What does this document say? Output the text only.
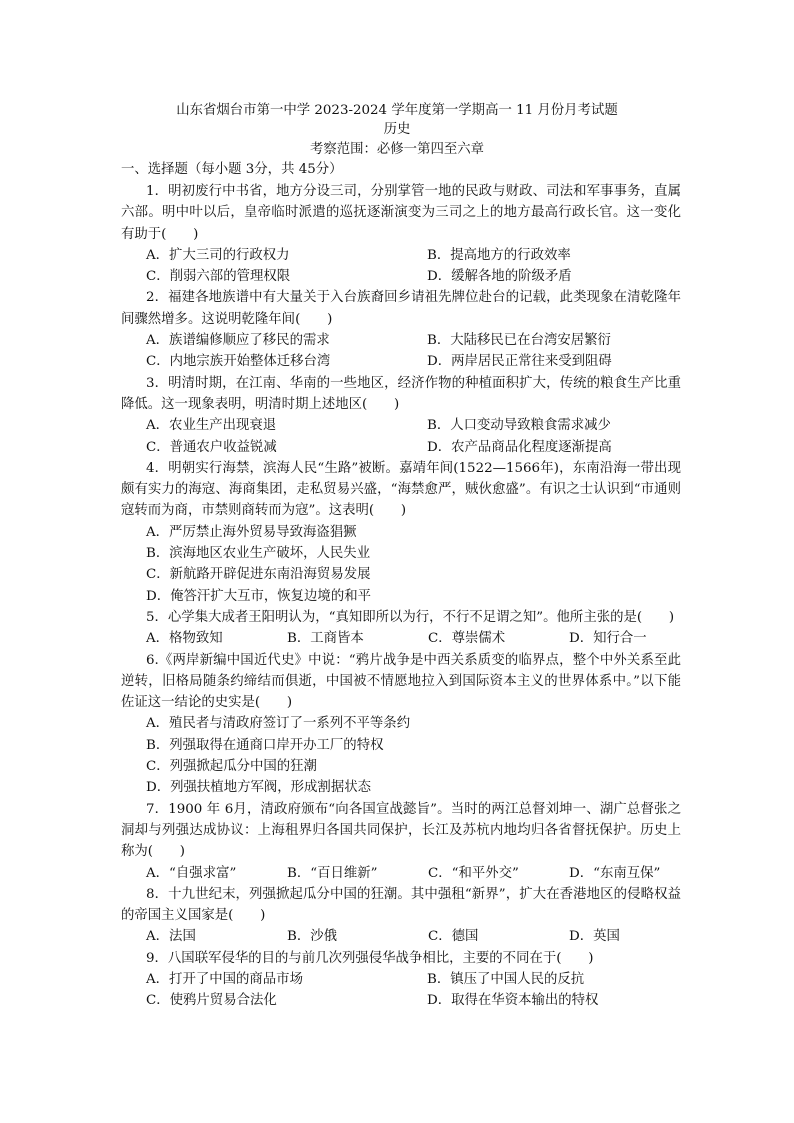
山东省烟台市第一中学 2023-2024 学年度第一学期高一 11 月份月考试题
历史
考察范围：必修一第四至六章
一、选择题（每小题 3分，共 45分）

1．明初废行中书省，地方分设三司，分别掌管一地的民政与财政、司法和军事事务，直属六部。明中叶以后，皇帝临时派遣的巡抚逐渐演变为三司之上的地方最高行政长官。这一变化有助于(　　)

A．扩大三司的行政权力	B．提高地方的行政效率
C．削弱六部的管理权限	D．缓解各地的阶级矛盾

2．福建各地族谱中有大量关于入台族裔回乡请祖先牌位赴台的记载，此类现象在清乾隆年间骤然增多。这说明乾隆年间(　　)

A．族谱编修顺应了移民的需求	B．大陆移民已在台湾安居繁衍
C．内地宗族开始整体迁移台湾	D．两岸居民正常往来受到阻碍

3．明清时期，在江南、华南的一些地区，经济作物的种植面积扩大，传统的粮食生产比重降低。这一现象表明，明清时期上述地区(　　)

A．农业生产出现衰退	B．人口变动导致粮食需求减少
C．普通农户收益锐减	D．农产品商品化程度逐渐提高

4．明朝实行海禁，滨海人民“生路”被断。嘉靖年间(1522—1566年)，东南沿海一带出现颇有实力的海寇、海商集团，走私贸易兴盛，“海禁愈严，贼伙愈盛”。有识之士认识到“市通则寇转而为商，市禁则商转而为寇”。这表明(　　)

A．严厉禁止海外贸易导致海盗猖獗
B．滨海地区农业生产破坏，人民失业
C．新航路开辟促进东南沿海贸易发展
D．俺答汗扩大互市，恢复边境的和平

5．心学集大成者王阳明认为，“真知即所以为行，不行不足谓之知”。他所主张的是(　　)

A．格物致知	B．工商皆本	C．尊崇儒术	D．知行合一

6.《两岸新编中国近代史》中说：“鸦片战争是中西关系质变的临界点，整个中外关系至此逆转，旧格局随条约缔结而倶逝，中国被不情愿地拉入到国际资本主义的世界体系中。”以下能佐证这一结论的史实是(　　)

A．殖民者与清政府签订了一系列不平等条约
B．列强取得在通商口岸开办工厂的特权
C．列强掀起瓜分中国的狂潮
D．列强扶植地方军阀，形成割据状态

7．1900 年 6月，清政府颁布“向各国宣战懿旨”。当时的两江总督刘坤一、湖广总督张之洞却与列强达成协议：上海租界归各国共同保护，长江及苏杭内地均归各省督抚保护。历史上称为(　　)

A．“自强求富”	B．“百日维新”	C．“和平外交”	D．“东南互保”

8．十九世纪末，列强掀起瓜分中国的狂潮。其中强租“新界”，扩大在香港地区的侵略权益的帝国主义国家是(　　)

A．法国	B．沙俄	C．德国	D．英国

9．八国联军侵华的目的与前几次列强侵华战争相比，主要的不同在于(　　)

A．打开了中国的商品市场	B．镇压了中国人民的反抗
C．使鸦片贸易合法化	D．取得在华资本输出的特权
